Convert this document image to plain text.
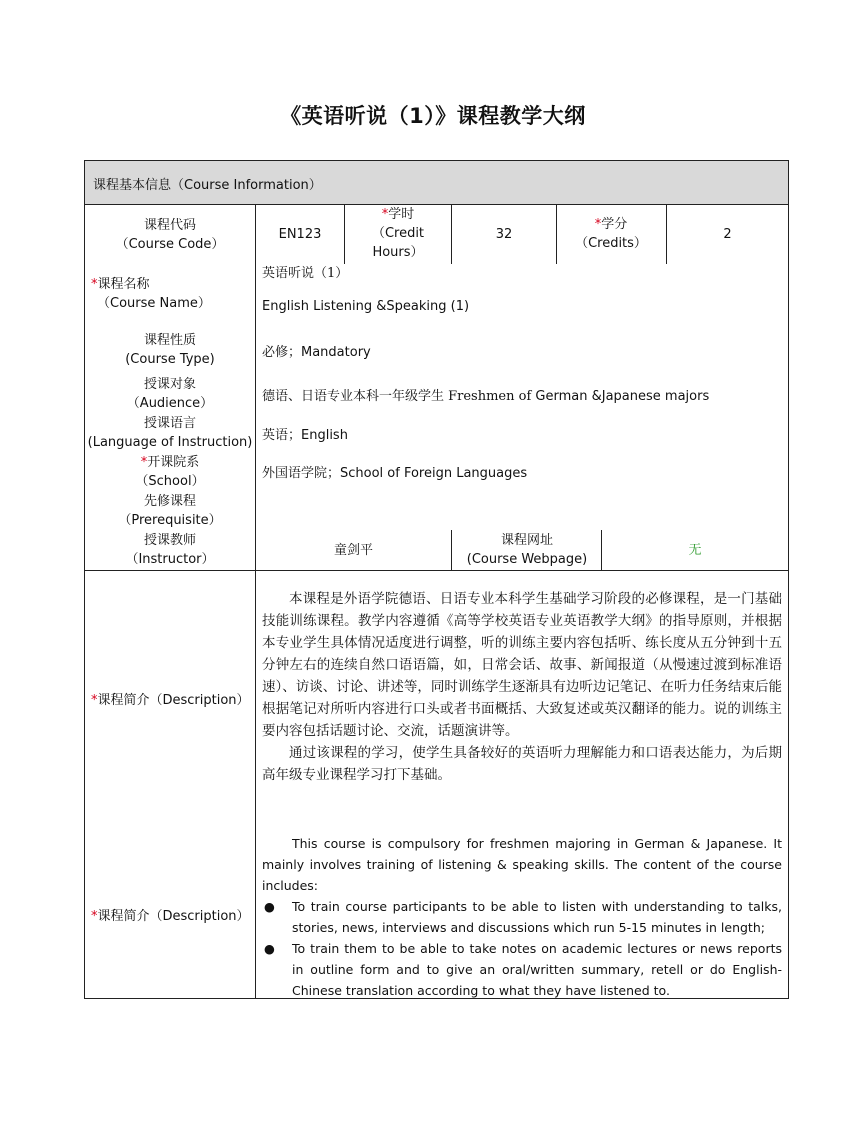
《英语听说（1）》课程教学大纲
课程基本信息（Course Information）
课程代码
（Course Code）
EN123
*学时
（Credit
Hours）
32
*学分
（Credits）
2
*课程名称
（Course Name）
英语听说（1）
English Listening &Speaking (1)
课程性质
(Course Type)	必修；Mandatory
授课对象
（Audience）	德语、日语专业本科一年级学生 Freshmen of German &Japanese majors
授课语言
(Language of Instruction) 英语；English
*开课院系
（School）
外国语学院；School of Foreign Languages
先修课程
（Prerequisite）
授课教师
（Instructor）
童剑平
课程网址
(Course Webpage)
无
*课程简介（Description）

本课程是外语学院德语、日语专业本科学生基础学习阶段的必修课程，是一门基础技能训练课程。教学内容遵循《高等学校英语专业英语教学大纲》的指导原则，并根据本专业学生具体情况适度进行调整，听的训练主要内容包括听、练长度从五分钟到十五分钟左右的连续自然口语语篇，如，日常会话、故事、新闻报道（从慢速过渡到标准语速）、访谈、讨论、讲述等，同时训练学生逐渐具有边听边记笔记、在听力任务结束后能根据笔记对所听内容进行口头或者书面概括、大致复述或英汉翻译的能力。说的训练主要内容包括话题讨论、交流，话题演讲等。

通过该课程的学习，使学生具备较好的英语听力理解能力和口语表达能力，为后期高年级专业课程学习打下基础。

*课程简介（Description）

This course is compulsory for freshmen majoring in German & Japanese. It mainly involves training of listening & speaking skills. The content of the course includes:

● To train course participants to be able to listen with understanding to talks, stories, news, interviews and discussions which run 5-15 minutes in length;
● To train them to be able to take notes on academic lectures or news reports in outline form and to give an oral/written summary, retell or do English-Chinese translation according to what they have listened to.
